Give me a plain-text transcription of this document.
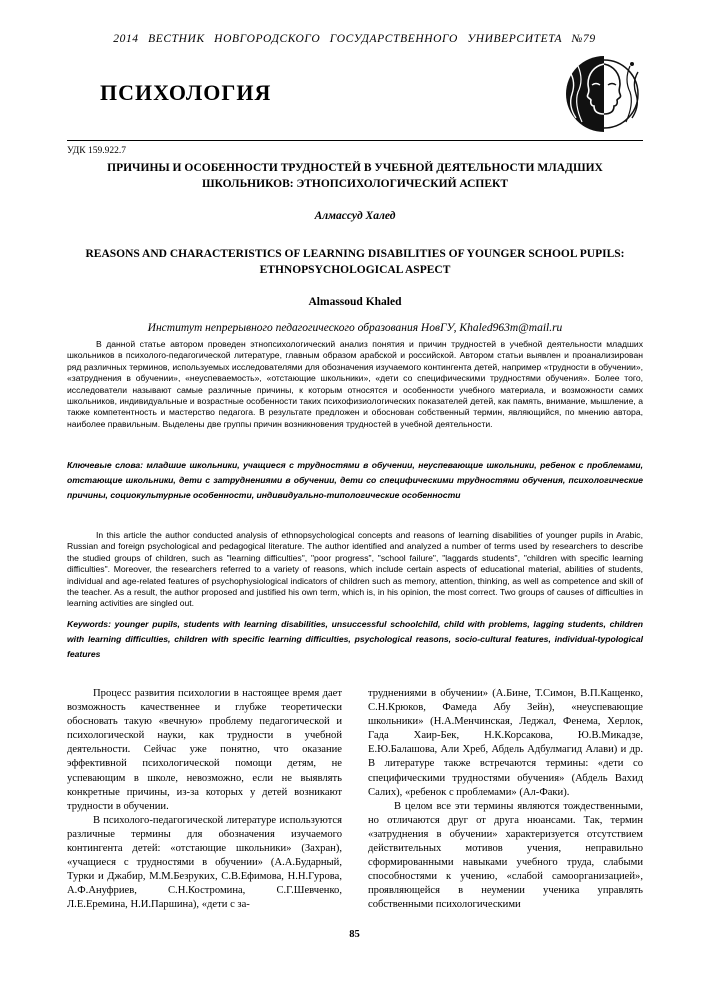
2014 ВЕСТНИК НОВГОРОДСКОГО ГОСУДАРСТВЕННОГО УНИВЕРСИТЕТА №79
ПСИХОЛОГИЯ
УДК 159.922.7
ПРИЧИНЫ И ОСОБЕННОСТИ ТРУДНОСТЕЙ В УЧЕБНОЙ ДЕЯТЕЛЬНОСТИ МЛАДШИХ ШКОЛЬНИКОВ: ЭТНОПСИХОЛОГИЧЕСКИЙ АСПЕКТ
Алмассуд Халед
REASONS AND CHARACTERISTICS OF LEARNING DISABILITIES OF YOUNGER SCHOOL PUPILS: ETHNOPSYCHOLOGICAL ASPECT
Almassoud Khaled
Институт непрерывного педагогического образования НовГУ, Khaled963m@mail.ru

В данной статье автором проведен этнопсихологический анализ понятия и причин трудностей в учебной деятельности младших школьников в психолого-педагогической литературе, главным образом арабской и российской. Автором статьи выявлен и проанализирован ряд различных терминов, используемых исследователями для обозначения изучаемого контингента детей, например «трудности в обучении», «затруднения в обучении», «неуспеваемость», «отстающие школьники», «дети со специфическими трудностями обучения». Более того, исследователи называют самые различные причины, к которым относятся и особенности учебного материала, и возможности самих школьников, индивидуальные и возрастные особенности таких психофизиологических показателей детей, как память, внимание, мышление, а также компетентность и мастерство педагога. В результате предложен и обоснован собственный термин, являющийся, по мнению автора, наиболее правильным. Выделены две группы причин возникновения трудностей в учебной деятельности.

Ключевые слова: младшие школьники, учащиеся с трудностями в обучении, неуспевающие школьники, ребенок с проблемами, отстающие школьники, дети с затруднениями в обучении, дети со специфическими трудностями обучения, психологические причины, социокультурные особенности, индивидуально-типологические особенности

In this article the author conducted analysis of ethnopsychological concepts and reasons of learning disabilities of younger pupils in Arabic, Russian and foreign psychological and pedagogical literature. The author identified and analyzed a number of terms used by researchers to describe the studied groups of children, such as "learning difficulties", "poor progress", "school failure", "laggards students", "children with specific learning difficulties". Moreover, the researchers referred to a variety of reasons, which include certain aspects of educational material, abilities of students, individual and age-related features of psychophysiological indicators of children such as memory, attention, thinking, as well as competence and skill of the teacher. As a result, the author proposed and justified his own term, which is, in his opinion, the most correct. Two groups of causes of difficulties in learning activities are singled out.

Keywords: younger pupils, students with learning disabilities, unsuccessful schoolchild, child with problems, lagging students, children with learning difficulties, children with specific learning difficulties, psychological reasons, socio-cultural features, individual-typological features

Процесс развития психологии в настоящее время дает возможность качественнее и глубже теоретически обосновать такую «вечную» проблему педагогической и психологической науки, как трудности в учебной деятельности. Сейчас уже понятно, что оказание эффективной психологической помощи детям, не успевающим в школе, невозможно, если не выявлять конкретные причины, из-за которых у детей возникают трудности в обучении.

В психолого-педагогической литературе используются различные термины для обозначения изучаемого контингента детей: «отстающие школьники» (Захран), «учащиеся с трудностями в обучении» (А.А.Бударный, Турки и Джабир, М.М.Безруких, С.В.Ефимова, Н.Н.Гурова, А.Ф.Ануфриев, С.Н.Костромина, С.Г.Шевченко, Л.Е.Еремина, Н.И.Паршина), «дети с за-

труднениями в обучении» (А.Бине, Т.Симон, В.П.Кащенко, С.Н.Крюков, Фамеда Абу Зейн), «неуспевающие школьники» (Н.А.Менчинская, Леджал, Фенема, Херлок, Гада Хаир-Бек, Н.К.Корсакова, Ю.В.Микадзе, Е.Ю.Балашова, Али Хреб, Абдель Адбулмагид Алави) и др. В литературе также встречаются термины: «дети со специфическими трудностями обучения» (Абдель Вахид Салих), «ребенок с проблемами» (Ал-Факи).

В целом все эти термины являются тождественными, но отличаются друг от друга нюансами. Так, термин «затруднения в обучении» характеризуется отсутствием действительных мотивов учения, неправильно сформированными навыками учебного труда, слабыми способностями к учению, «слабой самоорганизацией», проявляющейся в неумении ученика управлять собственными психологическими

85
